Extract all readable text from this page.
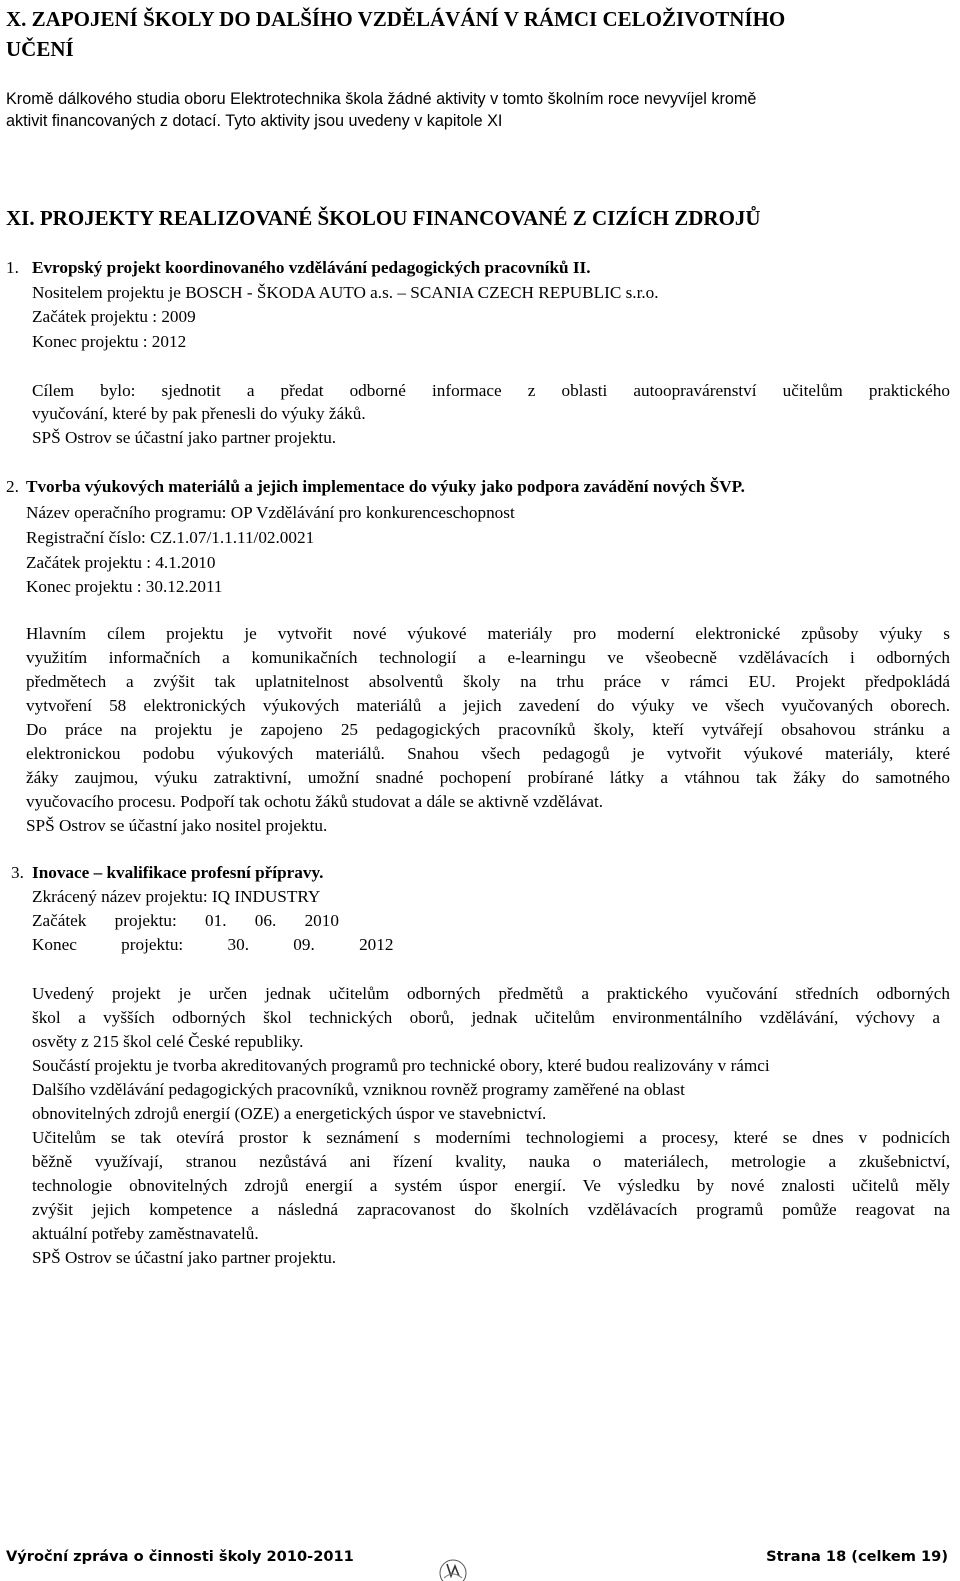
X. ZAPOJENÍ ŠKOLY DO DALŠÍHO VZDĚLÁVÁNÍ V RÁMCI CELOŽIVOTNÍHO
UČENÍ
Kromě dálkového studia oboru Elektrotechnika škola žádné aktivity v tomto školním roce nevyvíjel kromě
aktivit financovaných z dotací. Tyto aktivity jsou uvedeny v kapitole XI
XI. PROJEKTY REALIZOVANÉ ŠKOLOU FINANCOVANÉ Z CIZÍCH ZDROJŮ
1. Evropský projekt koordinovaného vzdělávání pedagogických pracovníků II.
Nositelem projektu je BOSCH - ŠKODA AUTO a.s. – SCANIA CZECH REPUBLIC s.r.o.
Začátek projektu : 2009
Konec projektu : 2012
Cílem bylo: sjednotit a předat odborné informace z oblasti autoopravárenství učitelům praktického
vyučování, které by pak přenesli do výuky žáků.
SPŠ Ostrov se účastní jako partner projektu.
2. Tvorba výukových materiálů a jejich implementace do výuky jako podpora zavádění nových ŠVP.
Název operačního programu: OP Vzdělávání pro konkurenceschopnost
Registrační číslo: CZ.1.07/1.1.11/02.0021
Začátek projektu : 4.1.2010
Konec projektu : 30.12.2011
Hlavním cílem projektu je vytvořit nové výukové materiály pro moderní elektronické způsoby výuky s
využitím informačních a komunikačních technologií a e-learningu ve všeobecně vzdělávacích i odborných
předmětech a zvýšit tak uplatnitelnost absolventů školy na trhu práce v rámci EU. Projekt předpokládá
vytvoření 58 elektronických výukových materiálů a jejich zavedení do výuky ve všech vyučovaných oborech.
Do práce na projektu je zapojeno 25 pedagogických pracovníků školy, kteří vytvářejí obsahovou stránku a
elektronickou podobu výukových materiálů. Snahou všech pedagogů je vytvořit výukové materiály, které
žáky zaujmou, výuku zatraktivní, umožní snadné pochopení probírané látky a vtáhnou tak žáky do samotného
vyučovacího procesu. Podpoří tak ochotu žáků studovat a dále se aktivně vzdělávat.
SPŠ Ostrov se účastní jako nositel projektu.
3. Inovace – kvalifikace profesní přípravy.
Zkrácený název projektu: IQ INDUSTRY
Začátek projektu: 01. 06. 2010
Konec projektu: 30. 09. 2012
Uvedený projekt je určen jednak učitelům odborných předmětů a praktického vyučování středních odborných
škol a vyšších odborných škol technických oborů, jednak učitelům environmentálního vzdělávání, výchovy a
osvěty z 215 škol celé České republiky.
Součástí projektu je tvorba akreditovaných programů pro technické obory, které budou realizovány v rámci
Dalšího vzdělávání pedagogických pracovníků, vzniknou rovněž programy zaměřené na oblast
obnovitelných zdrojů energií (OZE) a energetických úspor ve stavebnictví.
Učitelům se tak otevírá prostor k seznámení s moderními technologiemi a procesy, které se dnes v podnicích
běžně využívají, stranou nezůstává ani řízení kvality, nauka o materiálech, metrologie a zkušebnictví,
technologie obnovitelných zdrojů energií a systém úspor energií. Ve výsledku by nové znalosti učitelů měly
zvýšit jejich kompetence a následná zapracovanost do školních vzdělávacích programů pomůže reagovat na
aktuální potřeby zaměstnavatelů.
SPŠ Ostrov se účastní jako partner projektu.
Výroční zpráva o činnosti školy 2010-2011	Strana 18 (celkem 19)
